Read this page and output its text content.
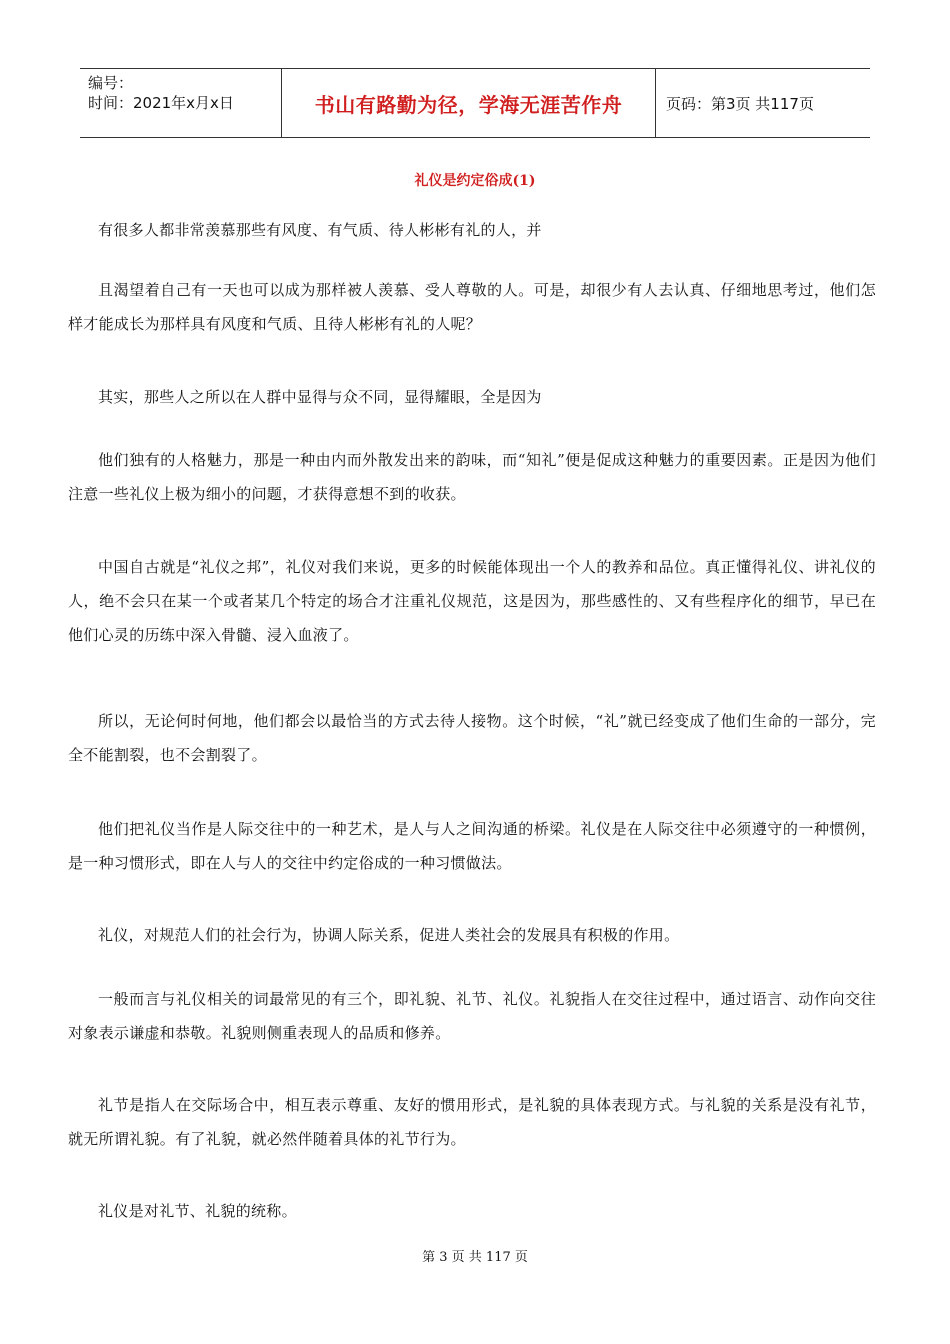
编号：
时间：2021年x月x日	书山有路勤为径，学海无涯苦作舟	页码：第3页 共117页
礼仪是约定俗成(1)

有很多人都非常羡慕那些有风度、有气质、待人彬彬有礼的人，并

且渴望着自己有一天也可以成为那样被人羡慕、受人尊敬的人。可是，却很少有人去认真、仔细地思考过，他们怎样才能成长为那样具有风度和气质、且待人彬彬有礼的人呢？

其实，那些人之所以在人群中显得与众不同，显得耀眼，全是因为

他们独有的人格魅力，那是一种由内而外散发出来的韵味，而“知礼”便是促成这种魅力的重要因素。正是因为他们注意一些礼仪上极为细小的问题，才获得意想不到的收获。

中国自古就是“礼仪之邦”，礼仪对我们来说，更多的时候能体现出一个人的教养和品位。真正懂得礼仪、讲礼仪的人，绝不会只在某一个或者某几个特定的场合才注重礼仪规范，这是因为，那些感性的、又有些程序化的细节，早已在他们心灵的历练中深入骨髓、浸入血液了。

所以，无论何时何地，他们都会以最恰当的方式去待人接物。这个时候，“礼”就已经变成了他们生命的一部分，完全不能割裂，也不会割裂了。

他们把礼仪当作是人际交往中的一种艺术，是人与人之间沟通的桥梁。礼仪是在人际交往中必须遵守的一种惯例，是一种习惯形式，即在人与人的交往中约定俗成的一种习惯做法。

礼仪，对规范人们的社会行为，协调人际关系，促进人类社会的发展具有积极的作用。

一般而言与礼仪相关的词最常见的有三个，即礼貌、礼节、礼仪。礼貌指人在交往过程中，通过语言、动作向交往对象表示谦虚和恭敬。礼貌则侧重表现人的品质和修养。

礼节是指人在交际场合中，相互表示尊重、友好的惯用形式，是礼貌的具体表现方式。与礼貌的关系是没有礼节，就无所谓礼貌。有了礼貌，就必然伴随着具体的礼节行为。

礼仪是对礼节、礼貌的统称。

第 3 页 共 117 页
